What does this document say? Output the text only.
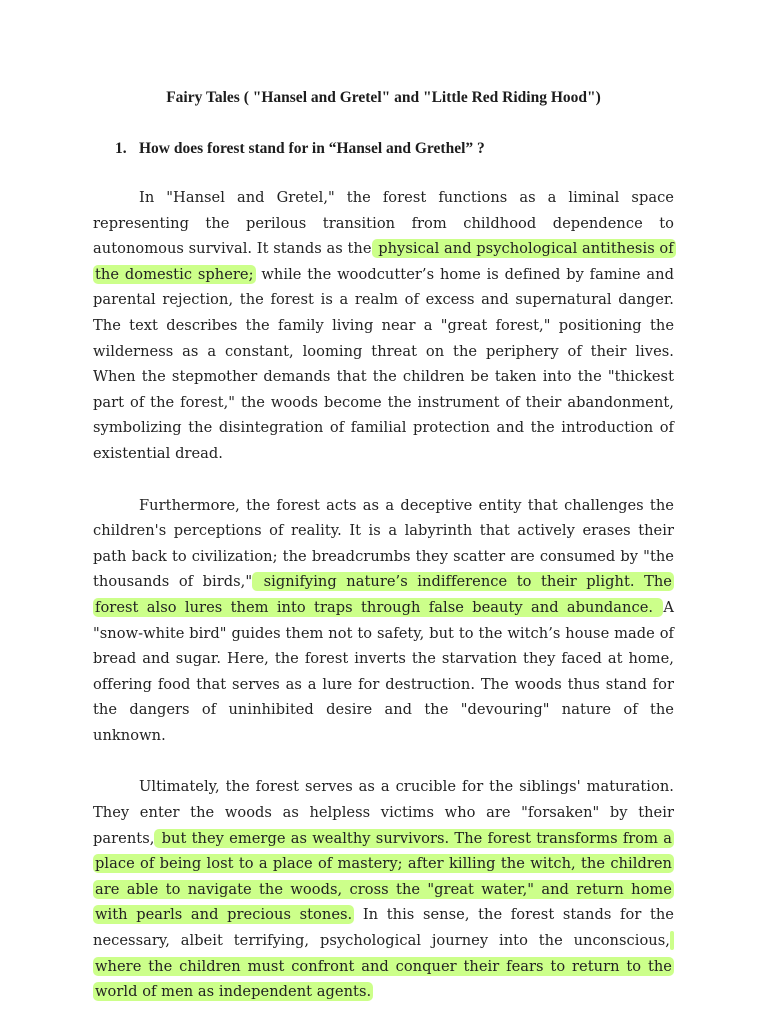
Fairy Tales ( "Hansel and Gretel" and "Little Red Riding Hood")

1. How does forest stand for in “Hansel and Grethel” ?

In "Hansel and Gretel," the forest functions as a liminal space representing the perilous transition from childhood dependence to autonomous survival. It stands as the physical and psychological antithesis of the domestic sphere; while the woodcutter’s home is defined by famine and parental rejection, the forest is a realm of excess and supernatural danger. The text describes the family living near a "great forest," positioning the wilderness as a constant, looming threat on the periphery of their lives. When the stepmother demands that the children be taken into the "thickest part of the forest," the woods become the instrument of their abandonment, symbolizing the disintegration of familial protection and the introduction of existential dread.

Furthermore, the forest acts as a deceptive entity that challenges the children's perceptions of reality. It is a labyrinth that actively erases their path back to civilization; the breadcrumbs they scatter are consumed by "the thousands of birds," signifying nature’s indifference to their plight. The forest also lures them into traps through false beauty and abundance. A "snow-white bird" guides them not to safety, but to the witch’s house made of bread and sugar. Here, the forest inverts the starvation they faced at home, offering food that serves as a lure for destruction. The woods thus stand for the dangers of uninhibited desire and the "devouring" nature of the unknown.

Ultimately, the forest serves as a crucible for the siblings' maturation. They enter the woods as helpless victims who are "forsaken" by their parents, but they emerge as wealthy survivors. The forest transforms from a place of being lost to a place of mastery; after killing the witch, the children are able to navigate the woods, cross the "great water," and return home with pearls and precious stones. In this sense, the forest stands for the necessary, albeit terrifying, psychological journey into the unconscious, where the children must confront and conquer their fears to return to the world of men as independent agents.
